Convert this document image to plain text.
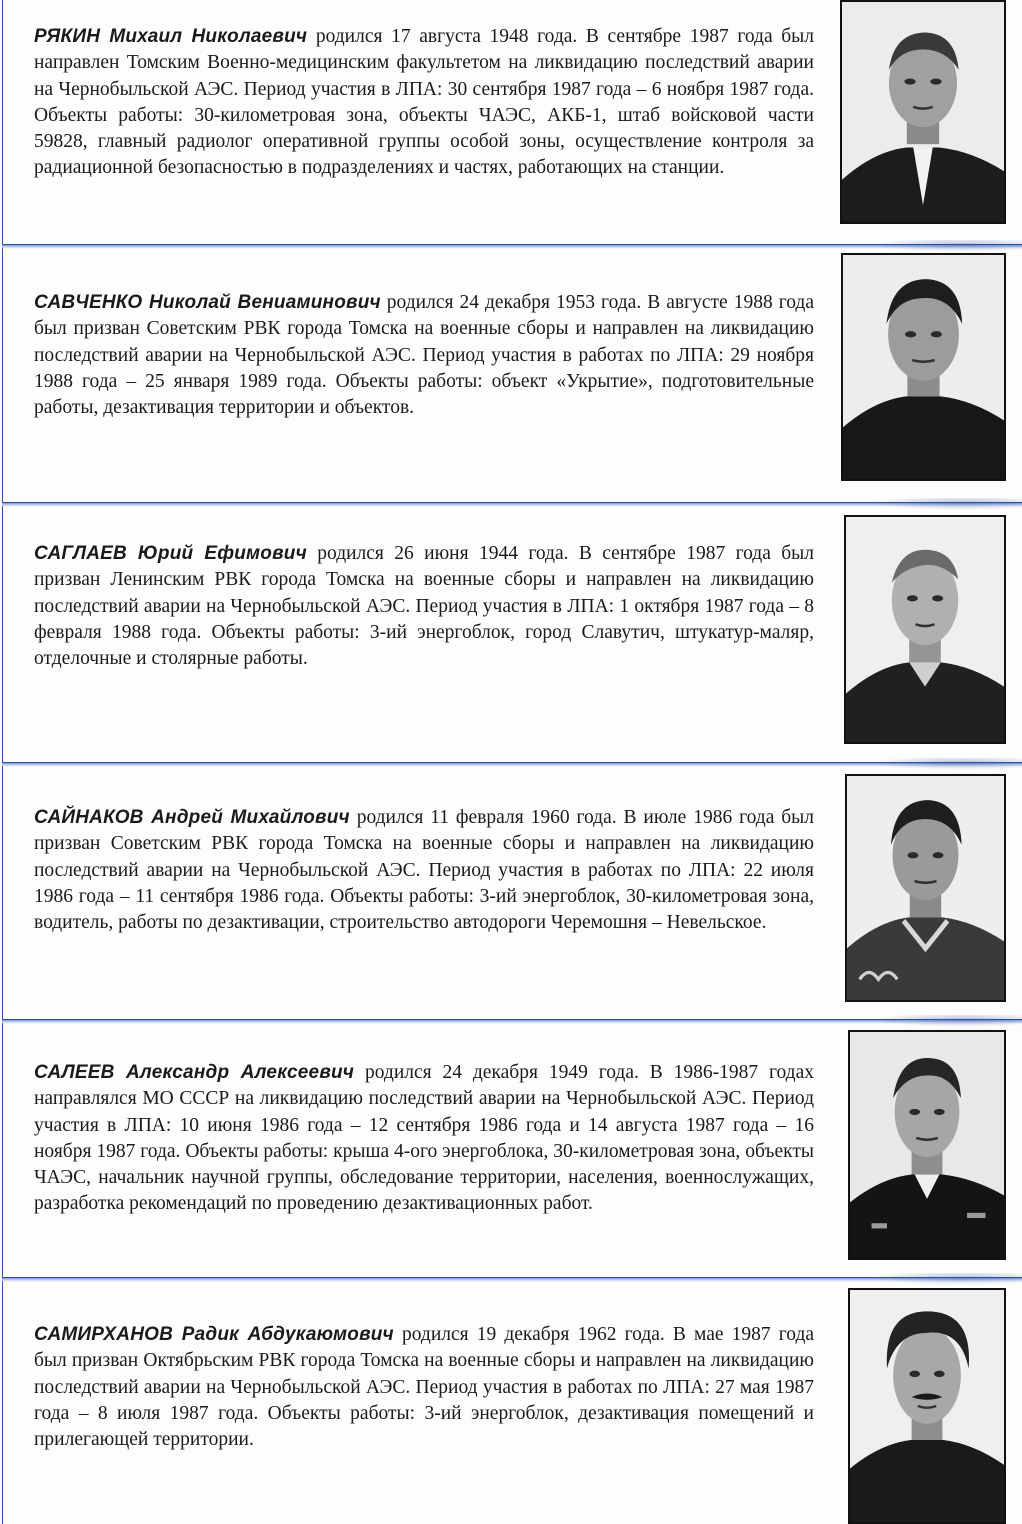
РЯКИН Михаил Николаевич родился 17 августа 1948 года. В сентябре 1987 года был направлен Томским Военно-медицинским факультетом на ликвидацию последствий аварии на Чернобыльской АЭС. Период участия в ЛПА: 30 сентября 1987 года – 6 ноября 1987 года. Объекты работы: 30-километровая зона, объекты ЧАЭС, АКБ-1, штаб войсковой части 59828, главный радиолог оперативной группы особой зоны, осуществление контроля за радиационной безопасностью в подразделениях и частях, работающих на станции.

САВЧЕНКО Николай Вениаминович родился 24 декабря 1953 года. В августе 1988 года был призван Советским РВК города Томска на военные сборы и направлен на ликвидацию последствий аварии на Чернобыльской АЭС. Период участия в работах по ЛПА: 29 ноября 1988 года – 25 января 1989 года. Объекты работы: объект «Укрытие», подготовительные работы, дезактивация территории и объектов.

САГЛАЕВ Юрий Ефимович родился 26 июня 1944 года. В сентябре 1987 года был призван Ленинским РВК города Томска на военные сборы и направлен на ликвидацию последствий аварии на Чернобыльской АЭС. Период участия в ЛПА: 1 октября 1987 года – 8 февраля 1988 года. Объекты работы: 3-ий энергоблок, город Славутич, штукатур-маляр, отделочные и столярные работы.

САЙНАКОВ Андрей Михайлович родился 11 февраля 1960 года. В июле 1986 года был призван Советским РВК города Томска на военные сборы и направлен на ликвидацию последствий аварии на Чернобыльской АЭС. Период участия в работах по ЛПА: 22 июля 1986 года – 11 сентября 1986 года. Объекты работы: 3-ий энергоблок, 30-километровая зона, водитель, работы по дезактивации, строительство автодороги Черемошня – Невельское.

САЛЕЕВ Александр Алексеевич родился 24 декабря 1949 года. В 1986-1987 годах направлялся МО СССР на ликвидацию последствий аварии на Чернобыльской АЭС. Период участия в ЛПА: 10 июня 1986 года – 12 сентября 1986 года и 14 августа 1987 года – 16 ноября 1987 года. Объекты работы: крыша 4-ого энергоблока, 30-километровая зона, объекты ЧАЭС, начальник научной группы, обследование территории, населения, военнослужащих, разработка рекомендаций по проведению дезактивационных работ.

САМИРХАНОВ Радик Абдукаюмович родился 19 декабря 1962 года. В мае 1987 года был призван Октябрьским РВК города Томска на военные сборы и направлен на ликвидацию последствий аварии на Чернобыльской АЭС. Период участия в работах по ЛПА: 27 мая 1987 года – 8 июля 1987 года. Объекты работы: 3-ий энергоблок, дезактивация помещений и прилегающей территории.
